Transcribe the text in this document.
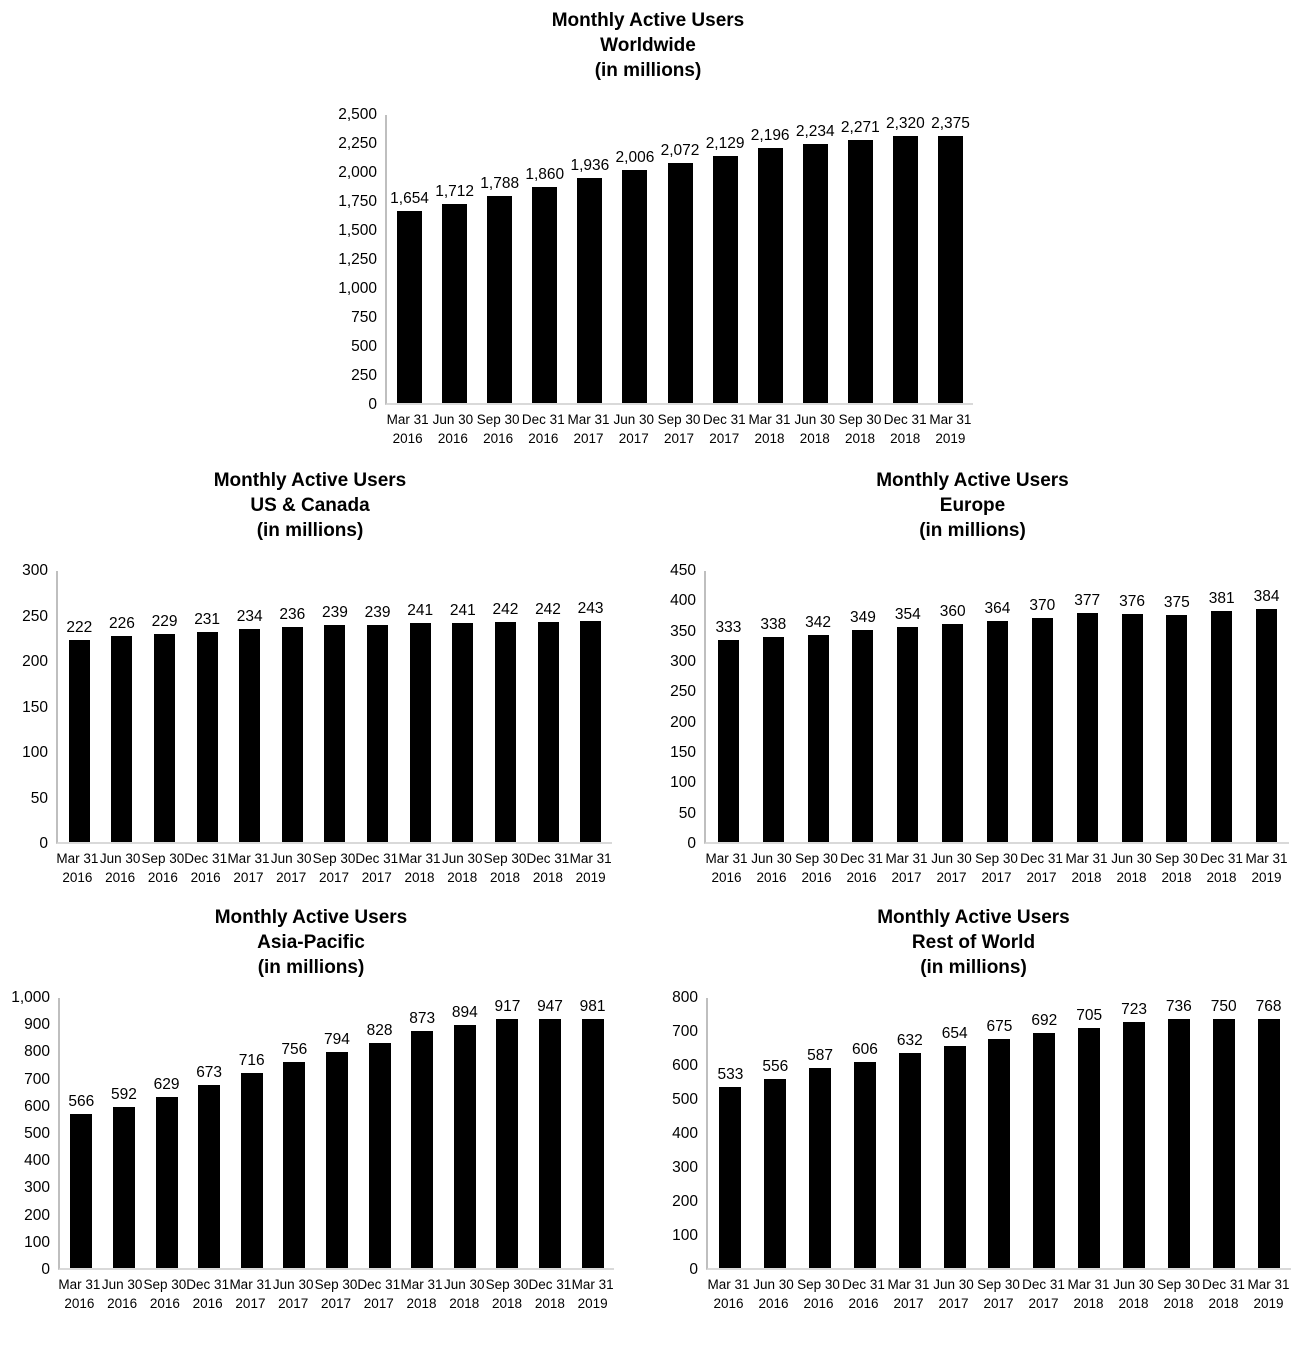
Monthly Active Users
Worldwide
(in millions)
0
250
500
750
1,000
1,250
1,500
1,750
2,000
2,250
2,500
1,654 1,712
1,788 1,860
1,936 2,006 2,072 2,129 2,196 2,234 2,271 2,320 2,375
Mar 31
2016
Jun 30
2016
Sep 30
2016
Dec 31
2016
Mar 31
2017
Jun 30
2017
Sep 30
2017
Dec 31
2017
Mar 31
2018
Jun 30
2018
Sep 30
2018
Dec 31
2018
Mar 31
2019
Monthly Active Users
US & Canada
(in millions)
0
50
100
150
200
250
300
222 226 229 231 234 236 239 239 241 241 242 242 243
Mar 31
2016
Jun 30
2016
Sep 30
2016
Dec 31
2016
Mar 31
2017
Jun 30
2017
Sep 30
2017
Dec 31
2017
Mar 31
2018
Jun 30
2018
Sep 30
2018
Dec 31
2018
Mar 31
2019
Monthly Active Users
Europe
(in millions)
0
50
100
150
200
250
300
350
400
450
333 338 342 349 354 360 364 370 377 376 375 381 384
Mar 31
2016
Jun 30
2016
Sep 30
2016
Dec 31
2016
Mar 31
2017
Jun 30
2017
Sep 30
2017
Dec 31
2017
Mar 31
2018
Jun 30
2018
Sep 30
2018
Dec 31
2018
Mar 31
2019
Monthly Active Users
Asia-Pacific
(in millions)
0
100
200
300
400
500
600
700
800
900
1,000
566 592
629
673
716
756
794
828
873 894 917 947 981
Mar 31
2016
Jun 30
2016
Sep 30
2016
Dec 31
2016
Mar 31
2017
Jun 30
2017
Sep 30
2017
Dec 31
2017
Mar 31
2018
Jun 30
2018
Sep 30
2018
Dec 31
2018
Mar 31
2019
Monthly Active Users
Rest of World
(in millions)
0
100
200
300
400
500
600
700
800
533 556
587 606
632 654 675 692 705 723 736 750 768
Mar 31
2016
Jun 30
2016
Sep 30
2016
Dec 31
2016
Mar 31
2017
Jun 30
2017
Sep 30
2017
Dec 31
2017
Mar 31
2018
Jun 30
2018
Sep 30
2018
Dec 31
2018
Mar 31
2019
